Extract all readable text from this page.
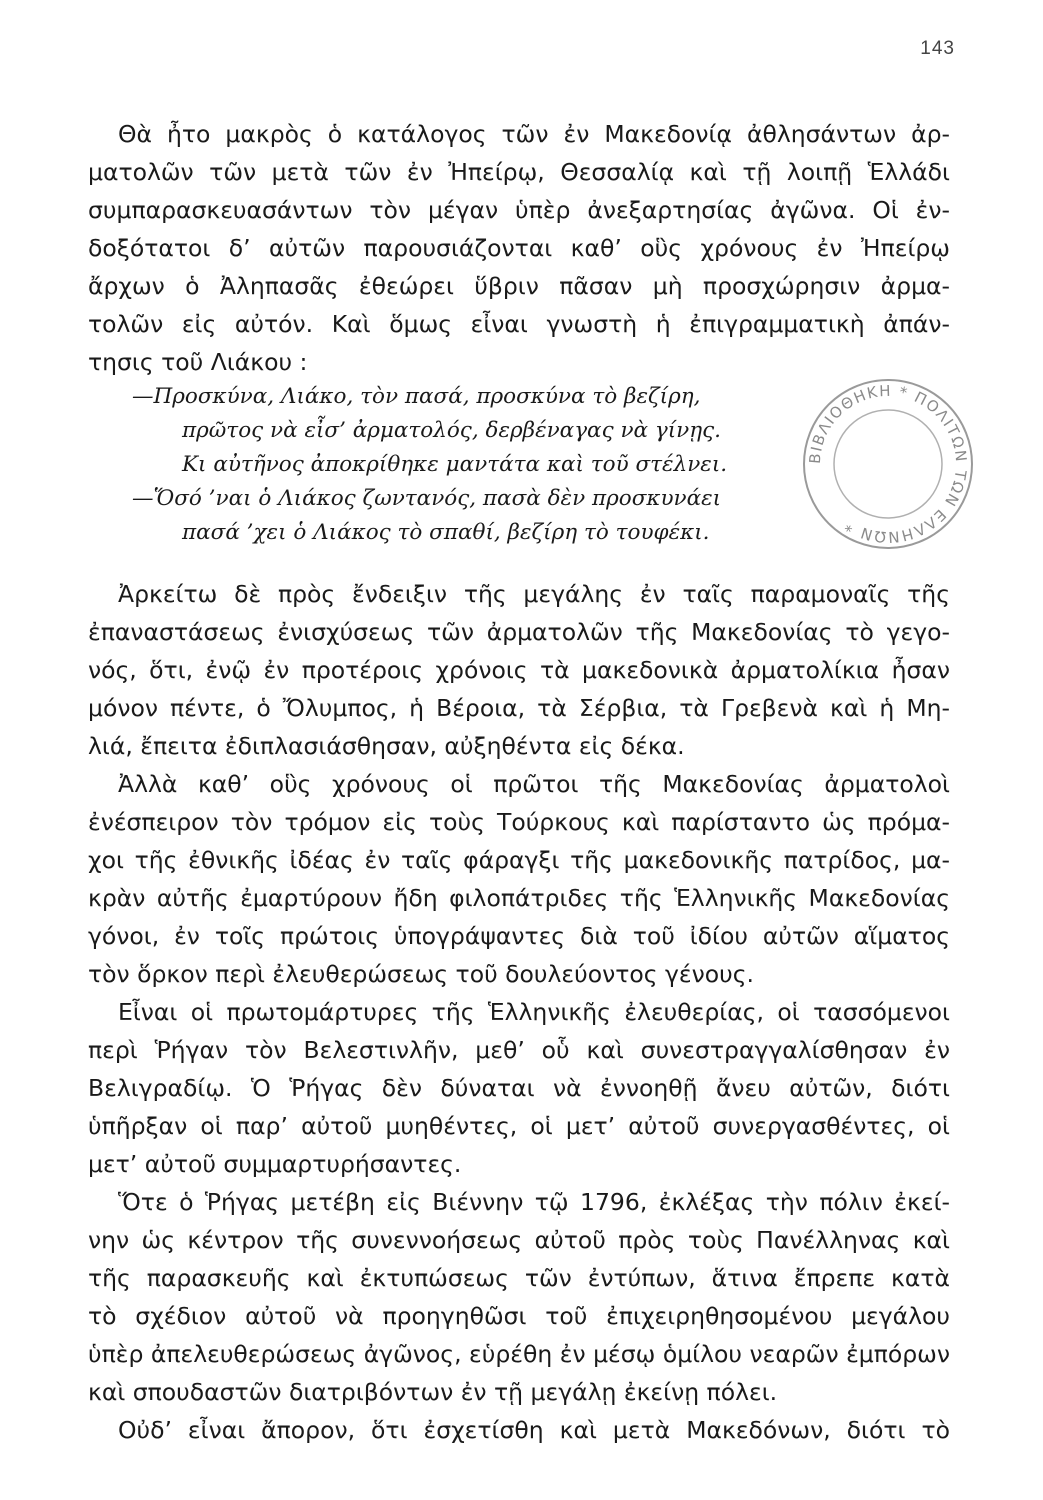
143
Θὰ ἦτο μακρὸς ὁ κατάλογος τῶν ἐν Μακεδονίᾳ ἀθλησάντων ἀρ-
ματολῶν τῶν μετὰ τῶν ἐν Ἠπείρῳ, Θεσσαλίᾳ καὶ τῇ λοιπῇ Ἑλλάδι
συμπαρασκευασάντων τὸν μέγαν ὑπὲρ ἀνεξαρτησίας ἀγῶνα. Οἱ ἐν-
δοξότατοι δ’ αὐτῶν παρουσιάζονται καθ’ οὓς χρόνους ἐν Ἠπείρῳ
ἄρχων ὁ Ἀληπασᾶς ἐθεώρει ὕβριν πᾶσαν μὴ προσχώρησιν ἀρμα-
τολῶν εἰς αὐτόν. Καὶ ὅμως εἶναι γνωστὴ ἡ ἐπιγραμματικὴ ἀπάν-
τησις τοῦ Λιάκου :
—Προσκύνα, Λιάκο, τὸν πασά, προσκύνα τὸ βεζίρη,
πρῶτος νὰ εἶσ’ ἀρματολός, δερβέναγας νὰ γίνῃς.
Κι αὐτῆνος ἀποκρίθηκε μαντάτα καὶ τοῦ στέλνει.
—Ὅσό ’ναι ὁ Λιάκος ζωντανός, πασὰ δὲν προσκυνάει
πασά ’χει ὁ Λιάκος τὸ σπαθί, βεζίρη τὸ τουφέκι.
ΒΙΒΛΙΟΘΗΚΗ * ΠΟΛΙΤΩΝ ΤΩΝ ΕΛΛΗΝΩΝ *
Ἀρκείτω δὲ πρὸς ἔνδειξιν τῆς μεγάλης ἐν ταῖς παραμοναῖς τῆς
ἐπαναστάσεως ἐνισχύσεως τῶν ἀρματολῶν τῆς Μακεδονίας τὸ γεγο-
νός, ὅτι, ἐνῷ ἐν προτέροις χρόνοις τὰ μακεδονικὰ ἀρματολίκια ἦσαν
μόνον πέντε, ὁ Ὄλυμπος, ἡ Βέροια, τὰ Σέρβια, τὰ Γρεβενὰ καὶ ἡ Μη-
λιά, ἔπειτα ἐδιπλασιάσθησαν, αὐξηθέντα εἰς δέκα.
Ἀλλὰ καθ’ οὓς χρόνους οἱ πρῶτοι τῆς Μακεδονίας ἀρματολοὶ
ἐνέσπειρον τὸν τρόμον εἰς τοὺς Τούρκους καὶ παρίσταντο ὡς πρόμα-
χοι τῆς ἐθνικῆς ἰδέας ἐν ταῖς φάραγξι τῆς μακεδονικῆς πατρίδος, μα-
κρὰν αὐτῆς ἐμαρτύρουν ἤδη φιλοπάτριδες τῆς Ἑλληνικῆς Μακεδονίας
γόνοι, ἐν τοῖς πρώτοις ὑπογράψαντες διὰ τοῦ ἰδίου αὐτῶν αἵματος
τὸν ὅρκον περὶ ἐλευθερώσεως τοῦ δουλεύοντος γένους.
Εἶναι οἱ πρωτομάρτυρες τῆς Ἑλληνικῆς ἐλευθερίας, οἱ τασσόμενοι
περὶ Ῥήγαν τὸν Βελεστινλῆν, μεθ’ οὗ καὶ συνεστραγγαλίσθησαν ἐν
Βελιγραδίῳ. Ὁ Ῥήγας δὲν δύναται νὰ ἐννοηθῇ ἄνευ αὐτῶν, διότι
ὑπῆρξαν οἱ παρ’ αὐτοῦ μυηθέντες, οἱ μετ’ αὐτοῦ συνεργασθέντες, οἱ
μετ’ αὐτοῦ συμμαρτυρήσαντες.
Ὅτε ὁ Ῥήγας μετέβη εἰς Βιέννην τῷ 1796, ἐκλέξας τὴν πόλιν ἐκεί-
νην ὡς κέντρον τῆς συνεννοήσεως αὐτοῦ πρὸς τοὺς Πανέλληνας καὶ
τῆς παρασκευῆς καὶ ἐκτυπώσεως τῶν ἐντύπων, ἅτινα ἔπρεπε κατὰ
τὸ σχέδιον αὐτοῦ νὰ προηγηθῶσι τοῦ ἐπιχειρηθησομένου μεγάλου
ὑπὲρ ἀπελευθερώσεως ἀγῶνος, εὑρέθη ἐν μέσῳ ὁμίλου νεαρῶν ἐμπόρων
καὶ σπουδαστῶν διατριβόντων ἐν τῇ μεγάλῃ ἐκείνῃ πόλει.
Οὐδ’ εἶναι ἄπορον, ὅτι ἐσχετίσθη καὶ μετὰ Μακεδόνων, διότι τὸ
